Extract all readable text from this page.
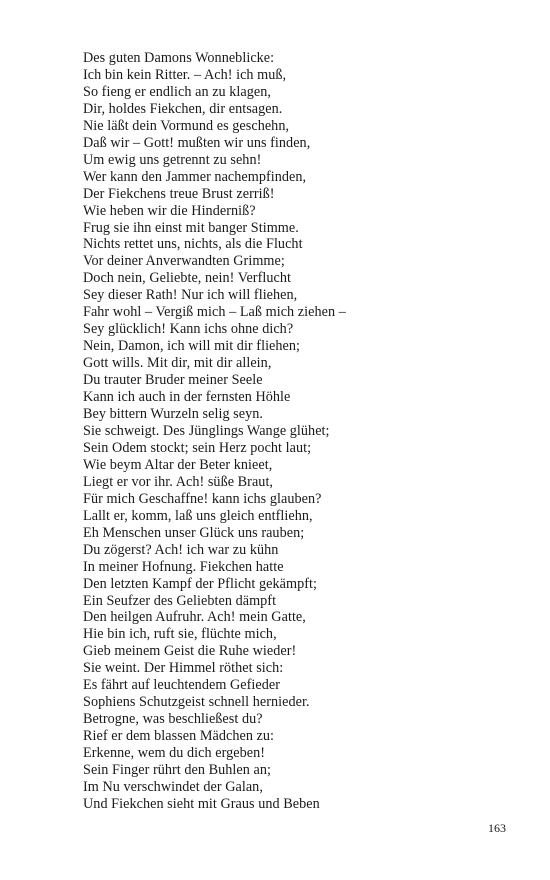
Des guten Damons Wonneblicke:
Ich bin kein Ritter. – Ach! ich muß,
So fieng er endlich an zu klagen,
Dir, holdes Fiekchen, dir entsagen.
Nie läßt dein Vormund es geschehn,
Daß wir – Gott! mußten wir uns finden,
Um ewig uns getrennt zu sehn!
Wer kann den Jammer nachempfinden,
Der Fiekchens treue Brust zerriß!
Wie heben wir die Hinderniß?
Frug sie ihn einst mit banger Stimme.
Nichts rettet uns, nichts, als die Flucht
Vor deiner Anverwandten Grimme;
Doch nein, Geliebte, nein! Verflucht
Sey dieser Rath! Nur ich will fliehen,
Fahr wohl – Vergiß mich – Laß mich ziehen –
Sey glücklich! Kann ichs ohne dich?
Nein, Damon, ich will mit dir fliehen;
Gott wills. Mit dir, mit dir allein,
Du trauter Bruder meiner Seele
Kann ich auch in der fernsten Höhle
Bey bittern Wurzeln selig seyn.
Sie schweigt. Des Jünglings Wange glühet;
Sein Odem stockt; sein Herz pocht laut;
Wie beym Altar der Beter knieet,
Liegt er vor ihr. Ach! süße Braut,
Für mich Geschaffne! kann ichs glauben?
Lallt er, komm, laß uns gleich entfliehn,
Eh Menschen unser Glück uns rauben;
Du zögerst? Ach! ich war zu kühn
In meiner Hofnung. Fiekchen hatte
Den letzten Kampf der Pflicht gekämpft;
Ein Seufzer des Geliebten dämpft
Den heilgen Aufruhr. Ach! mein Gatte,
Hie bin ich, ruft sie, flüchte mich,
Gieb meinem Geist die Ruhe wieder!
Sie weint. Der Himmel röthet sich:
Es fährt auf leuchtendem Gefieder
Sophiens Schutzgeist schnell hernieder.
Betrogne, was beschließest du?
Rief er dem blassen Mädchen zu:
Erkenne, wem du dich ergeben!
Sein Finger rührt den Buhlen an;
Im Nu verschwindet der Galan,
Und Fiekchen sieht mit Graus und Beben
163
